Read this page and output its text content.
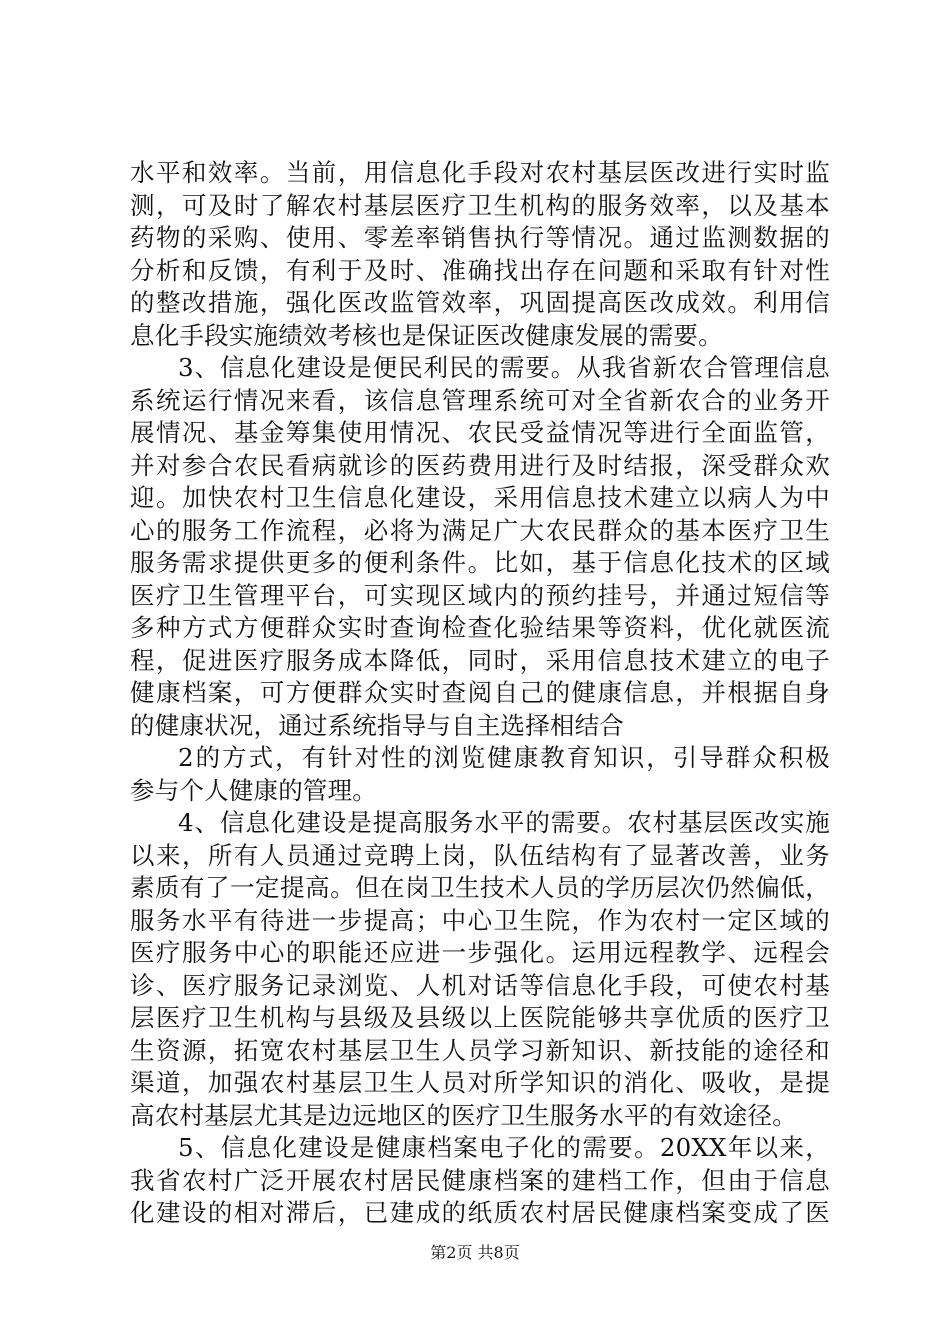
水平和效率。当前，用信息化手段对农村基层医改进行实时监
测，可及时了解农村基层医疗卫生机构的服务效率，以及基本
药物的采购、使用、零差率销售执行等情况。通过监测数据的
分析和反馈，有利于及时、准确找出存在问题和采取有针对性
的整改措施，强化医改监管效率，巩固提高医改成效。利用信
息化手段实施绩效考核也是保证医改健康发展的需要。
3、信息化建设是便民利民的需要。从我省新农合管理信息
系统运行情况来看，该信息管理系统可对全省新农合的业务开
展情况、基金筹集使用情况、农民受益情况等进行全面监管，
并对参合农民看病就诊的医药费用进行及时结报，深受群众欢
迎。加快农村卫生信息化建设，采用信息技术建立以病人为中
心的服务工作流程，必将为满足广大农民群众的基本医疗卫生
服务需求提供更多的便利条件。比如，基于信息化技术的区域
医疗卫生管理平台，可实现区域内的预约挂号，并通过短信等
多种方式方便群众实时查询检查化验结果等资料，优化就医流
程，促进医疗服务成本降低，同时，采用信息技术建立的电子
健康档案，可方便群众实时查阅自己的健康信息，并根据自身
的健康状况，通过系统指导与自主选择相结合
2的方式，有针对性的浏览健康教育知识，引导群众积极
参与个人健康的管理。
4、信息化建设是提高服务水平的需要。农村基层医改实施
以来，所有人员通过竞聘上岗，队伍结构有了显著改善，业务
素质有了一定提高。但在岗卫生技术人员的学历层次仍然偏低，
服务水平有待进一步提高；中心卫生院，作为农村一定区域的
医疗服务中心的职能还应进一步强化。运用远程教学、远程会
诊、医疗服务记录浏览、人机对话等信息化手段，可使农村基
层医疗卫生机构与县级及县级以上医院能够共享优质的医疗卫
生资源，拓宽农村基层卫生人员学习新知识、新技能的途径和
渠道，加强农村基层卫生人员对所学知识的消化、吸收，是提
高农村基层尤其是边远地区的医疗卫生服务水平的有效途径。
5、信息化建设是健康档案电子化的需要。20XX年以来，
我省农村广泛开展农村居民健康档案的建档工作，但由于信息
化建设的相对滞后，已建成的纸质农村居民健康档案变成了医
第2页 共8页
